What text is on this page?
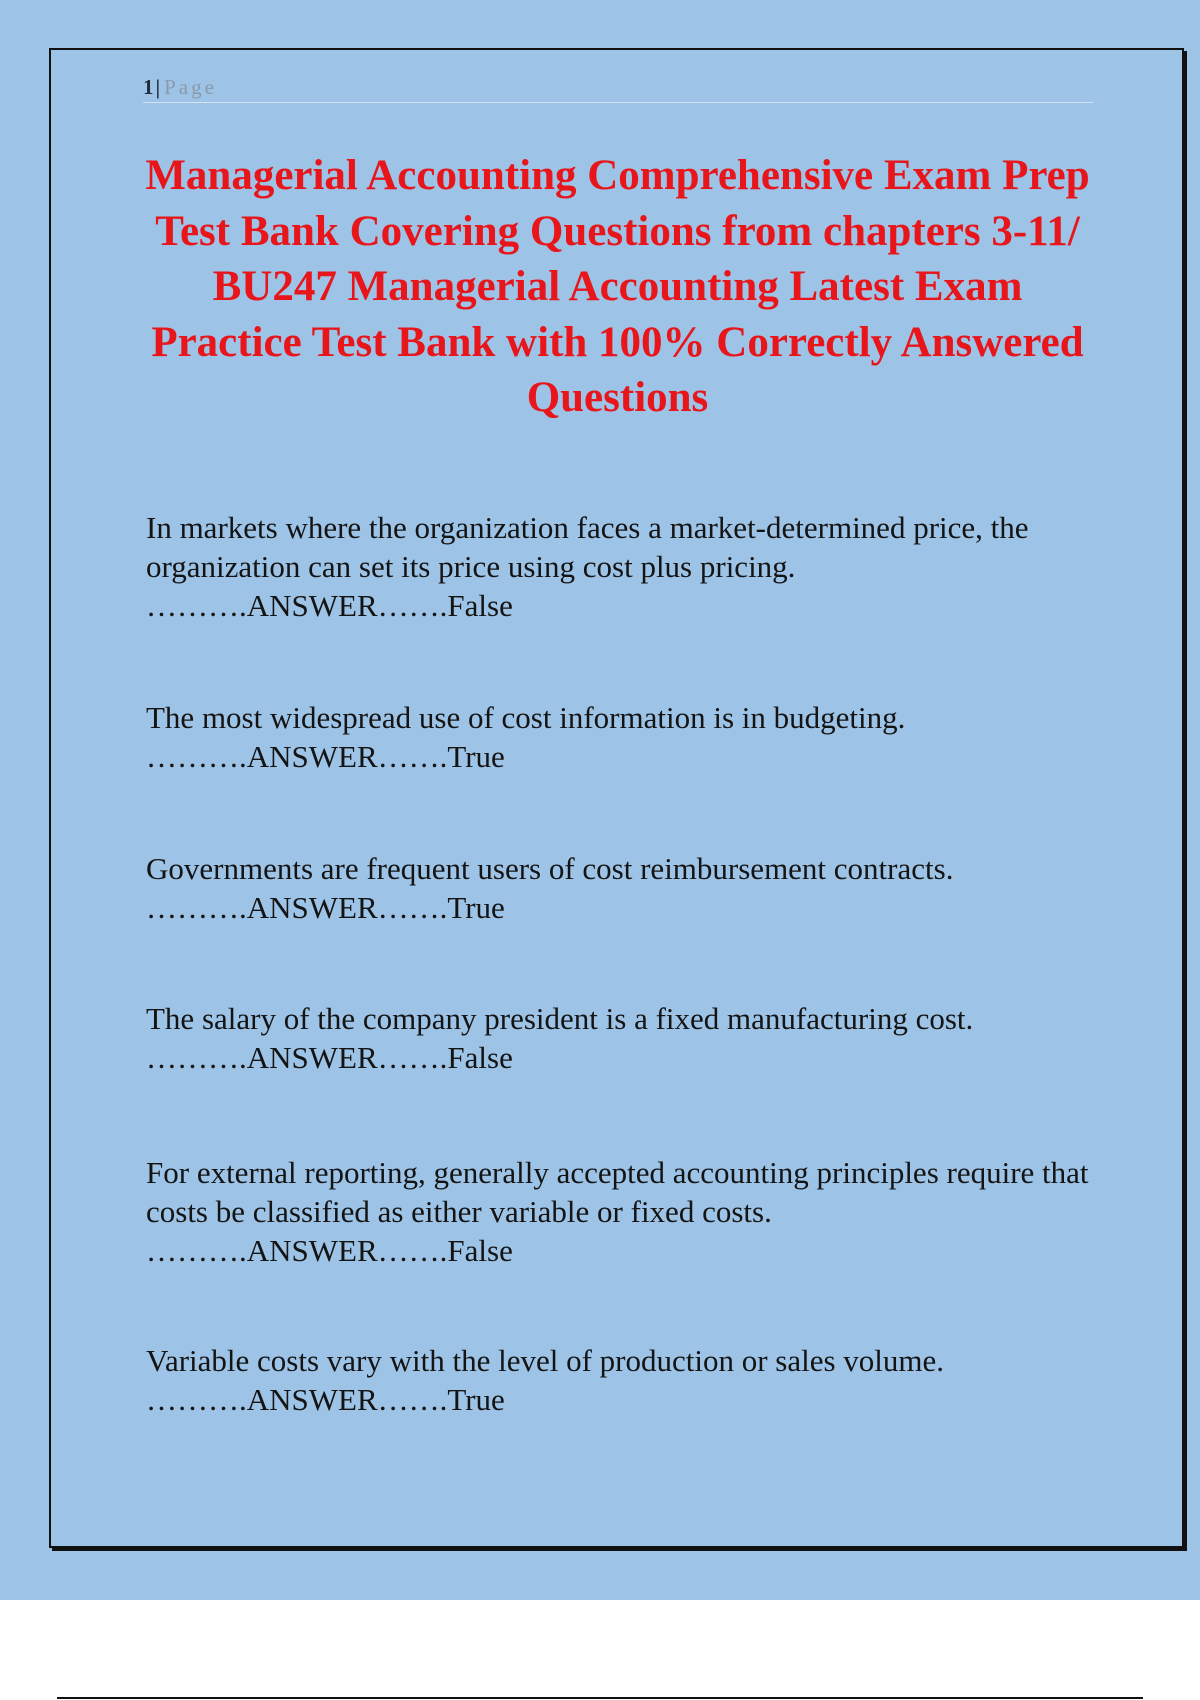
1| Page
Managerial Accounting Comprehensive Exam Prep Test Bank Covering Questions from chapters 3-11/ BU247 Managerial Accounting Latest Exam Practice Test Bank with 100% Correctly Answered Questions
In markets where the organization faces a market-determined price, the organization can set its price using cost plus pricing.
……….ANSWER…….False
The most widespread use of cost information is in budgeting.
……….ANSWER…….True
Governments are frequent users of cost reimbursement contracts.
……….ANSWER…….True
The salary of the company president is a fixed manufacturing cost.
……….ANSWER…….False
For external reporting, generally accepted accounting principles require that costs be classified as either variable or fixed costs.
……….ANSWER…….False
Variable costs vary with the level of production or sales volume.
……….ANSWER…….True
